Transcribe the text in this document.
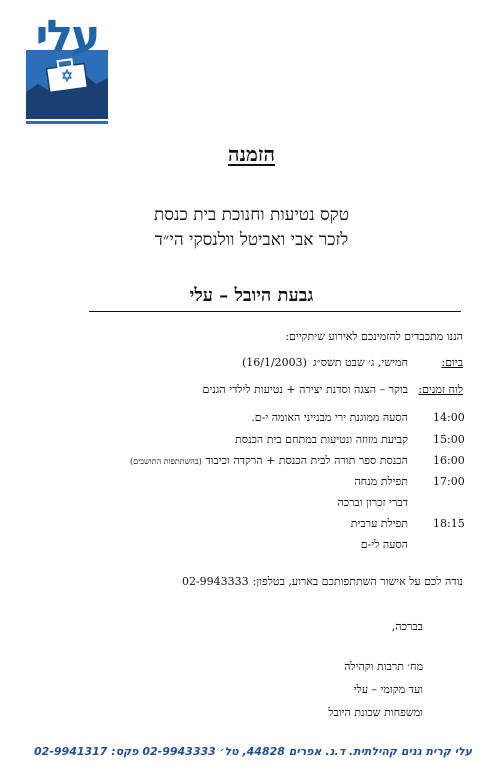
עלי
הזמנה
טקס נטיעות וחנוכת בית כנסת
לזכר אבי ואביטל וולנסקי הי״ד
גבעת היובל – עלי
הננו מתכבדים להזמינכם לאירוע שיתקיים:
ביום:
חמישי, ג׳ שבט תשס״ג(16/1/2003)
לוח זמנים:
בוקר – הצגה וסדנת יצירה + נטיעות לילדי הגנים
14:00
הסעה ממוגנת ירי מבנייני האומה י-ם.
15:00
קביעת מזוזה ונטיעות במתחם בית הכנסת
16:00
הכנסת ספר תורה לבית הכנסת + הרקדה וכיבוד (בהשתתפות התושבים)
17:00
תפילת מנחה
דברי זכרון וברכה
18:15
תפילת ערבית
הסעה לי-ם
נודה לכם על אישור השתתפותכם בארוע, בטלפון:02-9943333
בברכה,
מח׳ תרבות וקהילה
ועד מקומי – עלי
ומשפחות שכונת היובל
עלי קרית גנים קהילתית. ד.נ. אפרים 44828, טל׳ 02-9943333 פקס: 02-9941317
